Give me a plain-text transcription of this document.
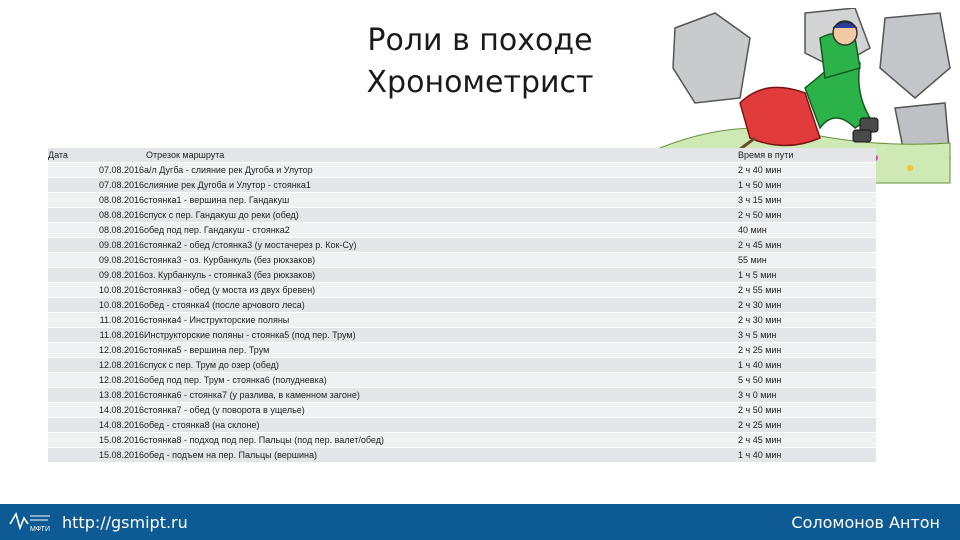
Роли в походе
Хронометрист
Дата	Отрезок маршрута	Время в пути
07.08.2016	а/л Дугба - слияние рек Дугоба и Улутор	2 ч 40 мин
07.08.2016	слияние рек Дугоба и Улутор - стоянка1	1 ч 50 мин
08.08.2016	стоянка1 - вершина пер. Гандакуш	3 ч 15 мин
08.08.2016	спуск с пер. Гандакуш до реки (обед)	2 ч 50 мин
08.08.2016	обед под пер. Гандакуш - стоянка2	40 мин
09.08.2016	стоянка2 - обед /стоянка3 (у мостачерез р. Кок-Су)	2 ч 45 мин
09.08.2016	стоянка3 - оз. Курбанкуль (без рюкзаков)	55 мин
09.08.2016	оз. Курбанкуль - стоянка3 (без рюкзаков)	1 ч 5 мин
10.08.2016	стоянка3 - обед (у моста из двух бревен)	2 ч 55 мин
10.08.2016	обед - стоянка4 (после арчового леса)	2 ч 30 мин
11.08.2016	стоянка4 - Инструкторские поляны	2 ч 30 мин
11.08.2016	Инструкторские поляны - стоянка5 (под пер. Трум)	3 ч 5 мин
12.08.2016	стоянка5 - вершина пер. Трум	2 ч 25 мин
12.08.2016	спуск с пер. Трум до озер (обед)	1 ч 40 мин
12.08.2016	обед под пер. Трум - стоянка6 (полудневка)	5 ч 50 мин
13.08.2016	стоянка6 - стоянка7 (у разлива, в каменном загоне)	3 ч 0 мин
14.08.2016	стоянка7 - обед (у поворота в ущелье)	2 ч 50 мин
14.08.2016	обед - стоянка8 (на склоне)	2 ч 25 мин
15.08.2016	стоянка8 - подход под пер. Пальцы (под пер. валет/обед)	2 ч 45 мин
15.08.2016	обед - подъем на пер. Пальцы (вершина)	1 ч 40 мин
МФТИ http://gsmipt.ru	Соломонов Антон
